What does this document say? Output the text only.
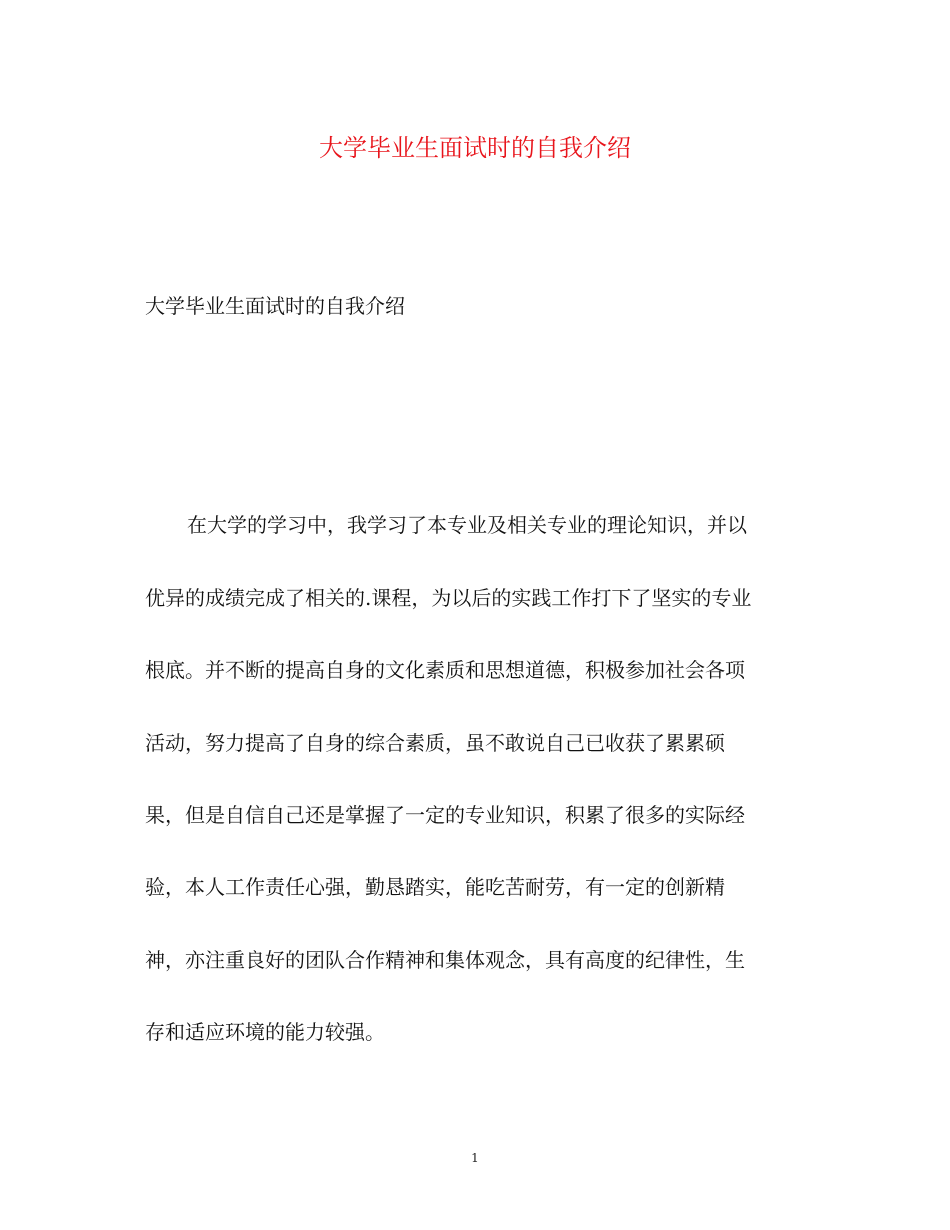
大学毕业生面试时的自我介绍

大学毕业生面试时的自我介绍

在大学的学习中，我学习了本专业及相关专业的理论知识，并以

优异的成绩完成了相关的.课程，为以后的实践工作打下了坚实的专业

根底。并不断的提高自身的文化素质和思想道德，积极参加社会各项

活动，努力提高了自身的综合素质，虽不敢说自己已收获了累累硕

果，但是自信自己还是掌握了一定的专业知识，积累了很多的实际经

验，本人工作责任心强，勤恳踏实，能吃苦耐劳，有一定的创新精

神，亦注重良好的团队合作精神和集体观念，具有高度的纪律性，生

存和适应环境的能力较强。

1
